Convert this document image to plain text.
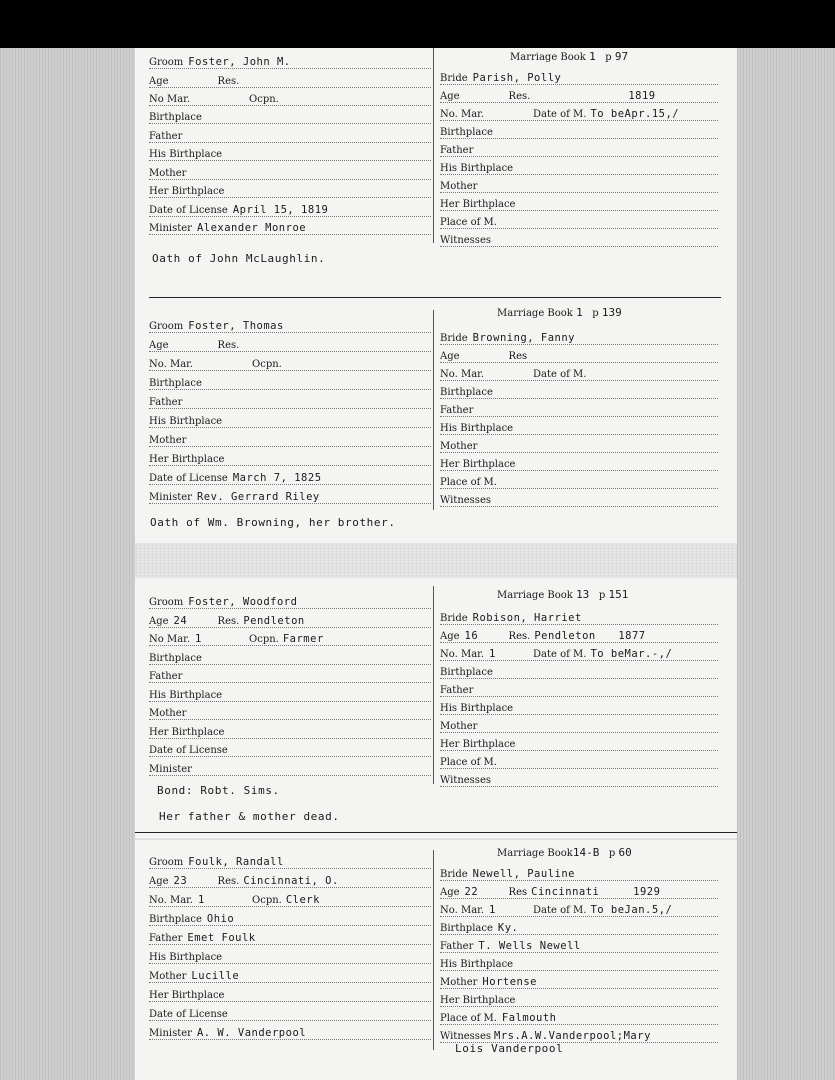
Groom Foster, John M.
Age	Res.
No Mar.	Ocpn.
Birthplace
Father
His Birthplace
Mother
Her Birthplace
Date of License April 15, 1819
Minister Alexander Monroe
Marriage Book 1 p 97
Bride Parish, Polly
Age	Res.	1819
No. Mar.	Date of M. To beApr.15,/
Birthplace
Father
His Birthplace
Mother
Her Birthplace
Place of M.
Witnesses
Oath of John McLaughlin.
Groom Foster, Thomas
Age	Res.
No. Mar.	Ocpn.
Birthplace
Father
His Birthplace
Mother
Her Birthplace
Date of License March 7, 1825
Minister Rev. Gerrard Riley
Marriage Book 1 p 139
Bride Browning, Fanny
Age	Res
No. Mar.	Date of M.
Birthplace
Father
His Birthplace
Mother
Her Birthplace
Place of M.
Witnesses
Oath of Wm. Browning, her brother.
Groom Foster, Woodford
Age 24	Res. Pendleton
No Mar. 1	Ocpn. Farmer
Birthplace
Father
His Birthplace
Mother
Her Birthplace
Date of License
Minister
Marriage Book 13 p 151
Bride Robison, Harriet
Age 16	Res. Pendleton	1877
No. Mar. 1	Date of M. To beMar.-,/
Birthplace
Father
His Birthplace
Mother
Her Birthplace
Place of M.
Witnesses
Bond: Robt. Sims.
Her father & mother dead.
Groom Foulk, Randall
Age 23	Res. Cincinnati, O.
No. Mar. 1	Ocpn. Clerk
Birthplace Ohio
Father Emet Foulk
His Birthplace
Mother Lucille
Her Birthplace
Date of License
Minister A. W. Vanderpool
Marriage Book14-B p 60
Bride Newell, Pauline
Age 22	Res Cincinnati	1929
No. Mar. 1	Date of M. To beJan.5,/
Birthplace Ky.
Father T. Wells Newell
His Birthplace
Mother Hortense
Her Birthplace
Place of M. Falmouth
Witnesses Mrs.A.W.Vanderpool;Mary
Lois Vanderpool
